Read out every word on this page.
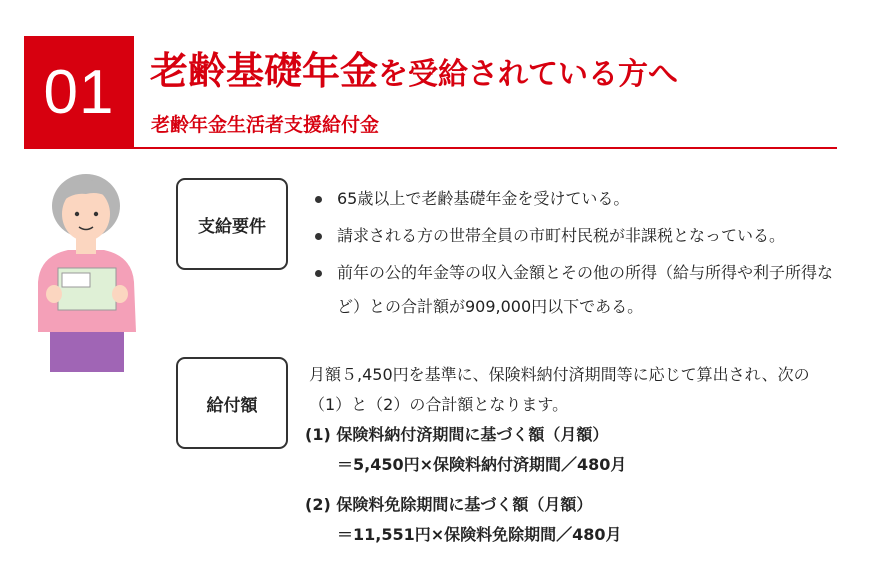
01 老齢基礎年金を受給されている方へ
老齢年金生活者支援給付金
支給要件
65歳以上で老齢基礎年金を受けている。
請求される方の世帯全員の市町村民税が非課税となっている。
前年の公的年金等の収入金額とその他の所得（給与所得や利子所得など）との合計額が909,000円以下である。
給付額

月額５,450円を基準に、保険料納付済期間等に応じて算出され、次の（1）と（2）の合計額となります。

(1) 保険料納付済期間に基づく額（月額）

＝5,450円×保険料納付済期間／480月

(2) 保険料免除期間に基づく額（月額）

＝11,551円×保険料免除期間／480月
